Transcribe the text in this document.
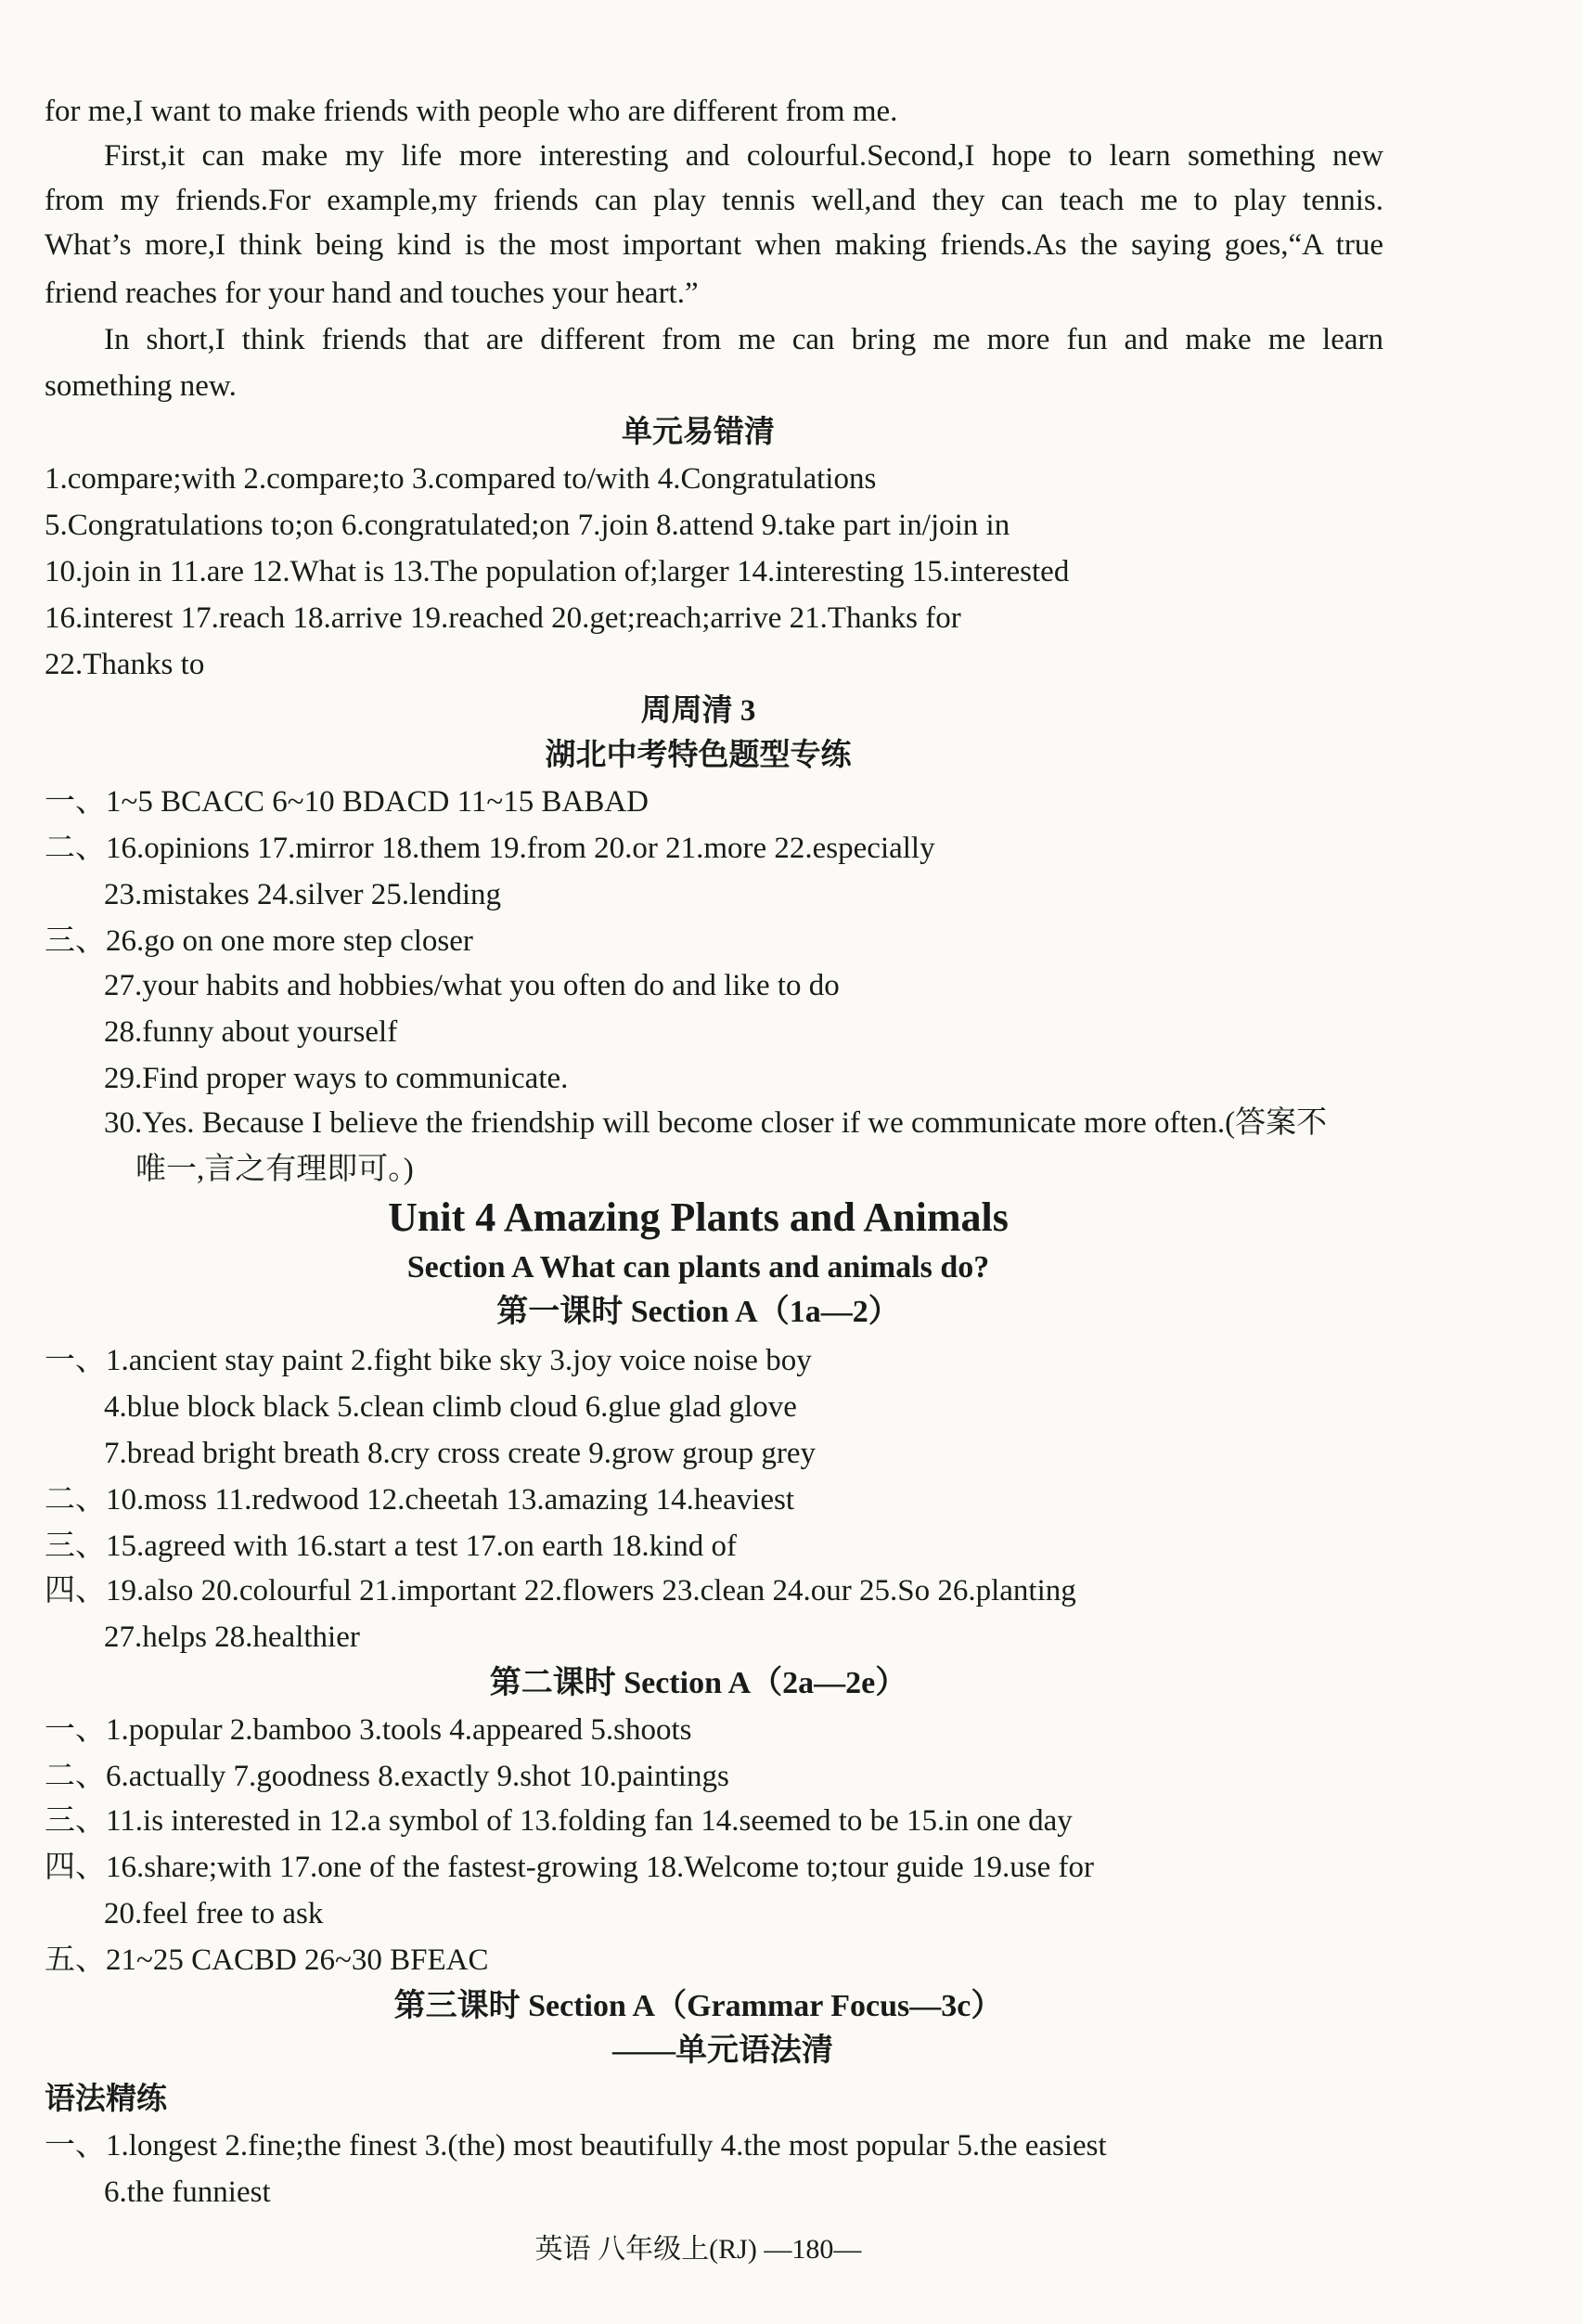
for me,I want to make friends with people who are different from me.
First,it can make my life more interesting and colourful.Second,I hope to learn something new
from my friends.For example,my friends can play tennis well,and they can teach me to play tennis.
What’s more,I think being kind is the most important when making friends.As the saying goes,“A true
friend reaches for your hand and touches your heart.”
In short,I think friends that are different from me can bring me more fun and make me learn
something new.
单元易错清
1.compare;with 2.compare;to 3.compared to/with 4.Congratulations
5.Congratulations to;on 6.congratulated;on 7.join 8.attend 9.take part in/join in
10.join in 11.are 12.What is 13.The population of;larger 14.interesting 15.interested
16.interest 17.reach 18.arrive 19.reached 20.get;reach;arrive 21.Thanks for
22.Thanks to
周周清 3
湖北中考特色题型专练
一、1~5 BCACC 6~10 BDACD 11~15 BABAD
二、16.opinions 17.mirror 18.them 19.from 20.or 21.more 22.especially
23.mistakes 24.silver 25.lending
三、26.go on one more step closer
27.your habits and hobbies/what you often do and like to do
28.funny about yourself
29.Find proper ways to communicate.
30.Yes. Because I believe the friendship will become closer if we communicate more often.(答案不
唯一,言之有理即可。)
Unit 4 Amazing Plants and Animals
Section A What can plants and animals do?
第一课时 Section A（1a—2）
一、1.ancient stay paint 2.fight bike sky 3.joy voice noise boy
4.blue block black 5.clean climb cloud 6.glue glad glove
7.bread bright breath 8.cry cross create 9.grow group grey
二、10.moss 11.redwood 12.cheetah 13.amazing 14.heaviest
三、15.agreed with 16.start a test 17.on earth 18.kind of
四、19.also 20.colourful 21.important 22.flowers 23.clean 24.our 25.So 26.planting
27.helps 28.healthier
第二课时 Section A（2a—2e）
一、1.popular 2.bamboo 3.tools 4.appeared 5.shoots
二、6.actually 7.goodness 8.exactly 9.shot 10.paintings
三、11.is interested in 12.a symbol of 13.folding fan 14.seemed to be 15.in one day
四、16.share;with 17.one of the fastest-growing 18.Welcome to;tour guide 19.use for
20.feel free to ask
五、21~25 CACBD 26~30 BFEAC
第三课时 Section A（Grammar Focus—3c）
——单元语法清
语法精练
一、1.longest 2.fine;the finest 3.(the) most beautifully 4.the most popular 5.the easiest
6.the funniest
英语 八年级上(RJ) —180—
